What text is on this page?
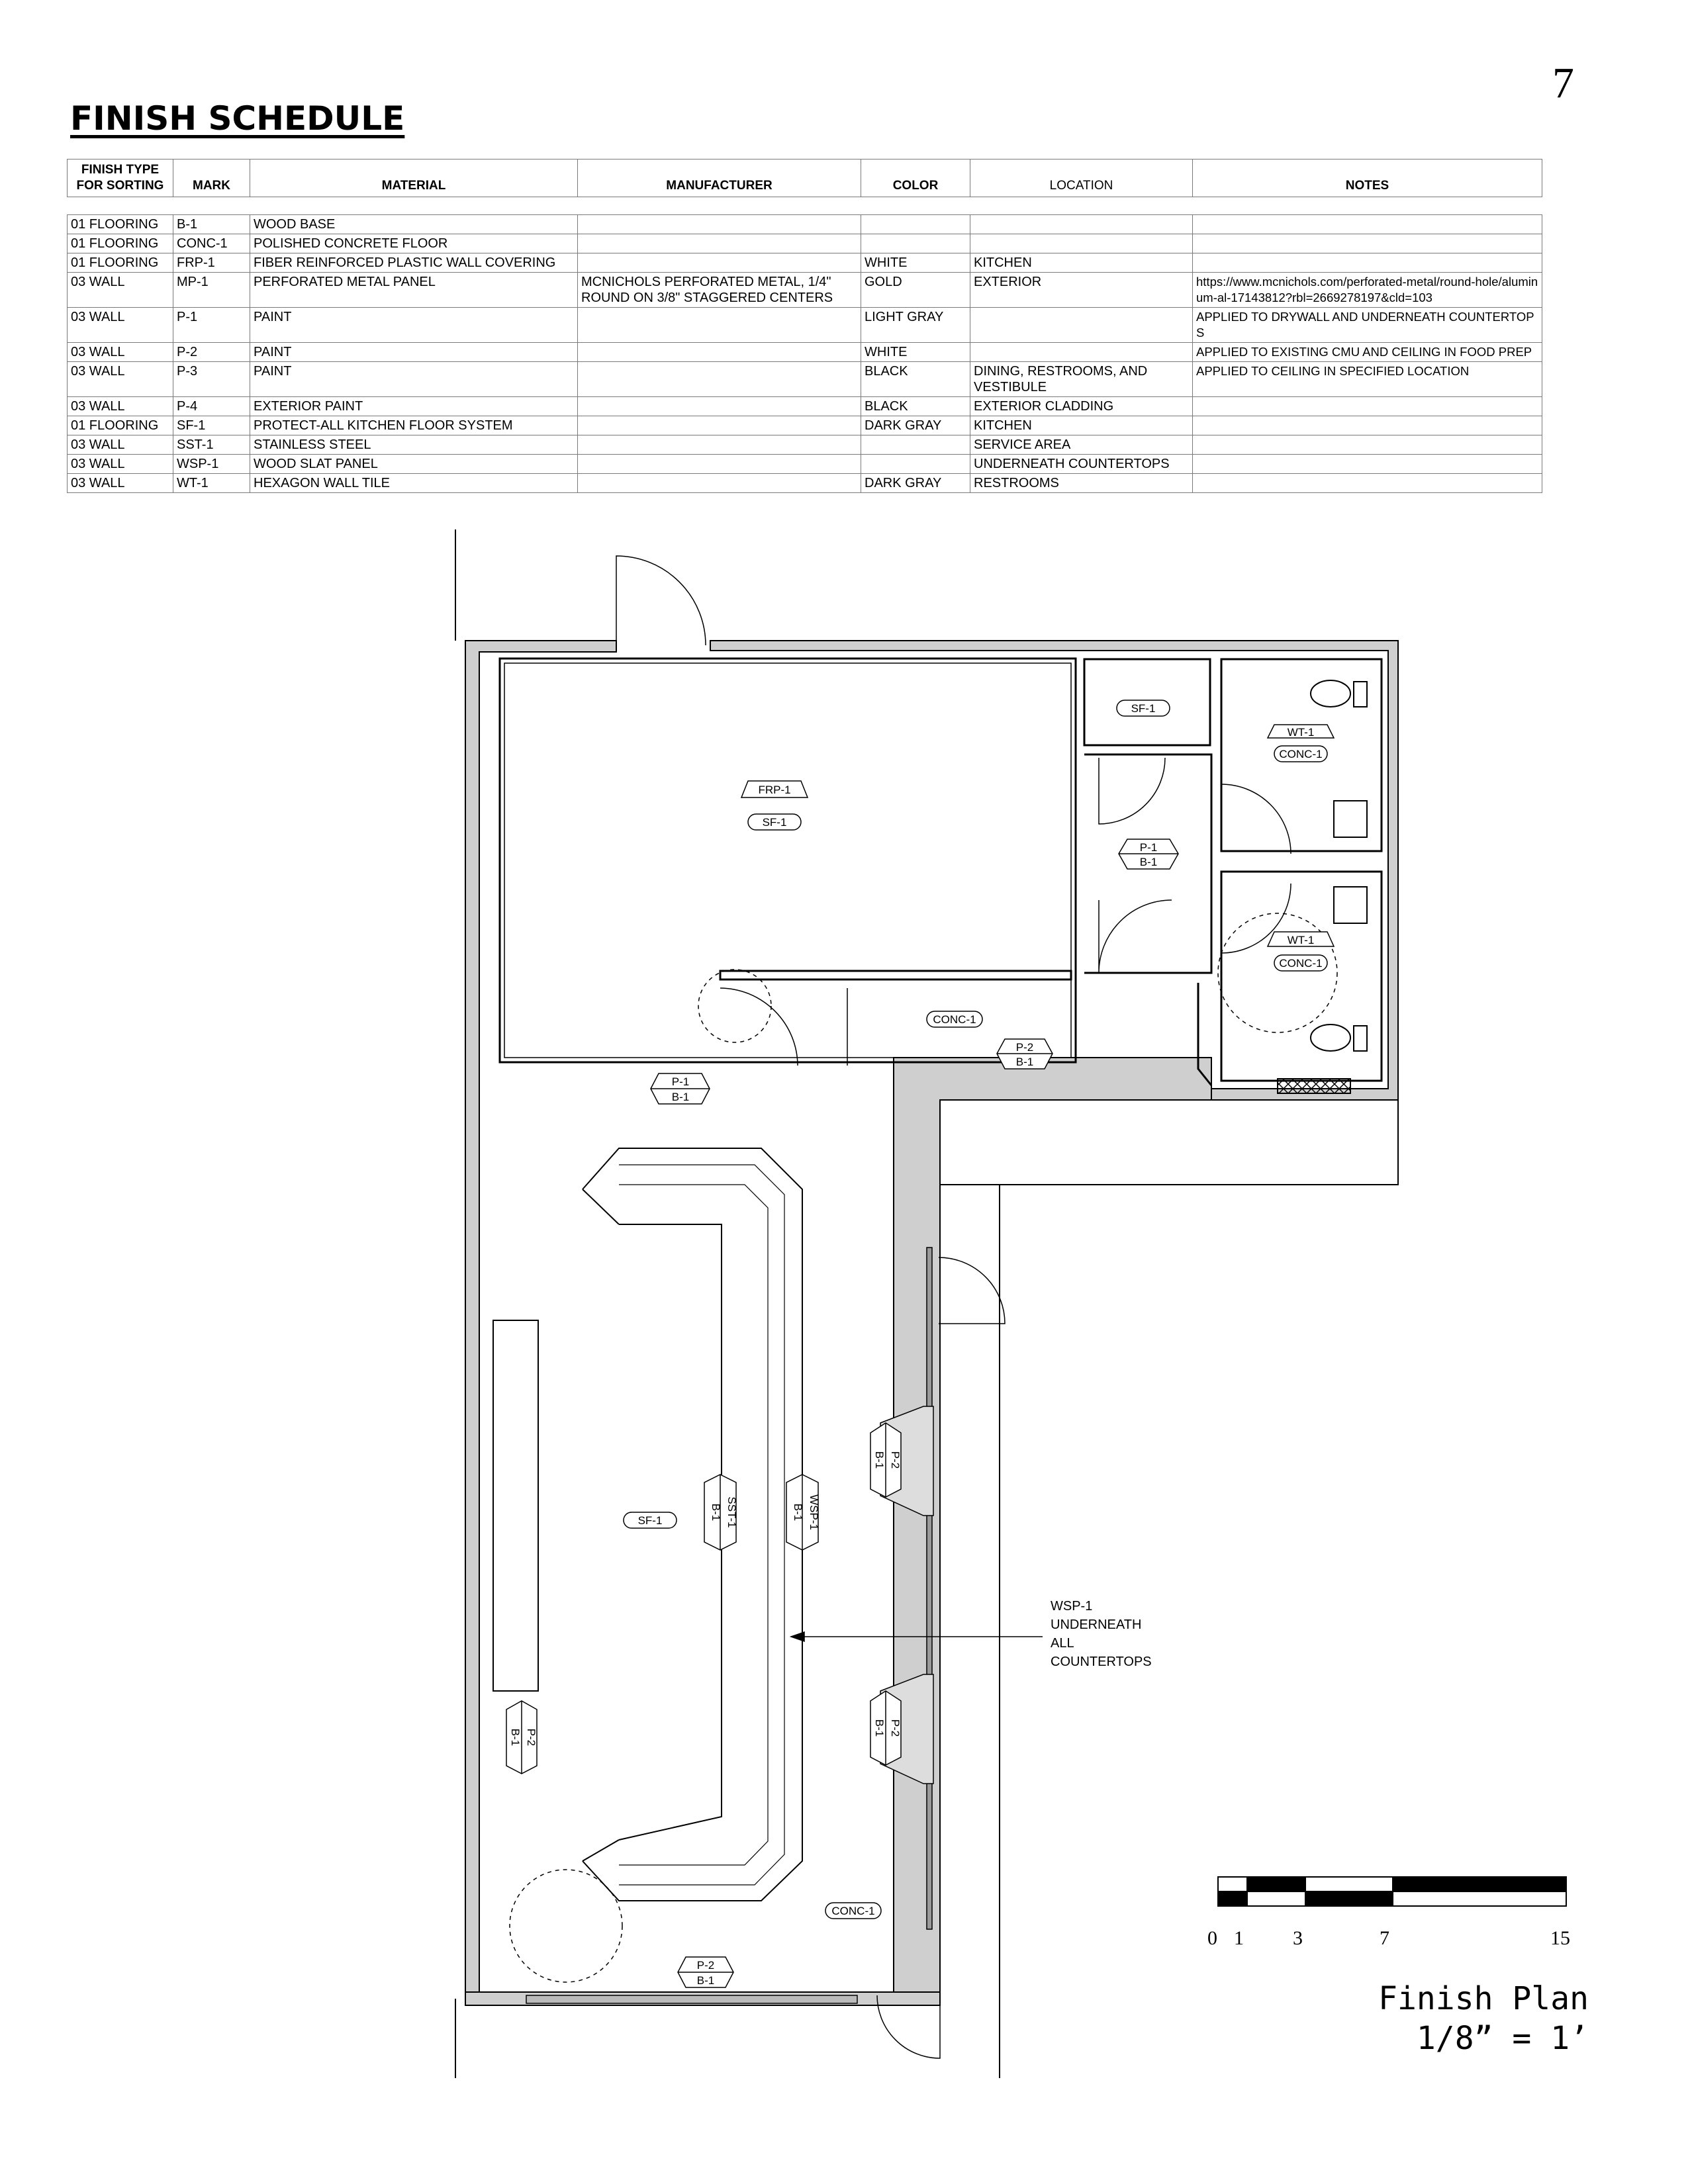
7
FINISH SCHEDULE
FINISH TYPE FOR SORTING	MARK	MATERIAL	MANUFACTURER	COLOR	LOCATION	NOTES
01 FLOORING	B-1	WOOD BASE				
01 FLOORING	CONC-1	POLISHED CONCRETE FLOOR				
01 FLOORING	FRP-1	FIBER REINFORCED PLASTIC WALL COVERING		WHITE	KITCHEN	
03 WALL	MP-1	PERFORATED METAL PANEL	MCNICHOLS PERFORATED METAL, 1/4" ROUND ON 3/8" STAGGERED CENTERS	GOLD	EXTERIOR	https://www.mcnichols.com/perforated-metal/round-hole/aluminum-al-17143812?rbl=2669278197&cld=103
03 WALL	P-1	PAINT		LIGHT GRAY		APPLIED TO DRYWALL AND UNDERNEATH COUNTERTOPS
03 WALL	P-2	PAINT		WHITE		APPLIED TO EXISTING CMU AND CEILING IN FOOD PREP
03 WALL	P-3	PAINT		BLACK	DINING, RESTROOMS, AND VESTIBULE	APPLIED TO CEILING IN SPECIFIED LOCATION
03 WALL	P-4	EXTERIOR PAINT		BLACK	EXTERIOR CLADDING	
01 FLOORING	SF-1	PROTECT-ALL KITCHEN FLOOR SYSTEM		DARK GRAY	KITCHEN	
03 WALL	SST-1	STAINLESS STEEL			SERVICE AREA	
03 WALL	WSP-1	WOOD SLAT PANEL			UNDERNEATH COUNTERTOPS	
03 WALL	WT-1	HEXAGON WALL TILE		DARK GRAY	RESTROOMS	
FRP-1
SF-1
SF-1
WT-1
CONC-1
P-1
B-1
WT-1
CONC-1
CONC-1
P-2
B-1
P-1
B-1
SF-1	SST-1
B-1	WSP-1
B-1
P-2
B-1
P-2
B-1
P-2
B-1
CONC-1
P-2
B-1
WSP-1
UNDERNEATH
ALL
COUNTERTOPS
0 1 3	7	15
Finish Plan
1/8” = 1’
